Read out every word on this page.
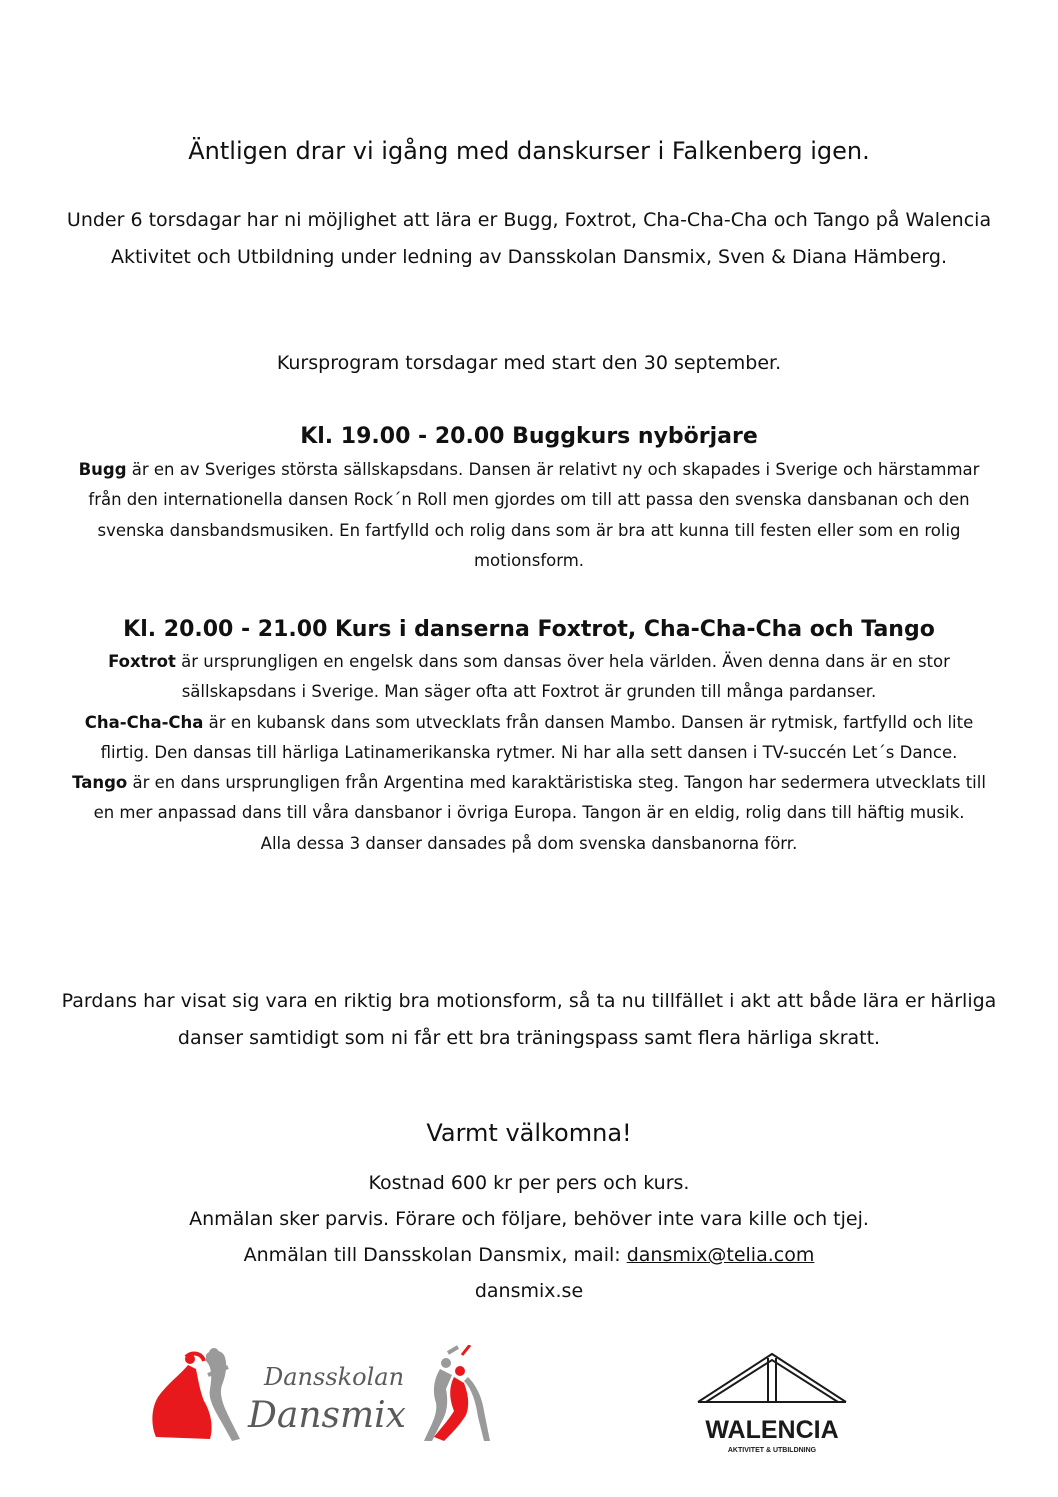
Äntligen drar vi igång med danskurser i Falkenberg igen.
Under 6 torsdagar har ni möjlighet att lära er Bugg, Foxtrot, Cha-Cha-Cha och Tango på Walencia Aktivitet och Utbildning under ledning av Dansskolan Dansmix, Sven & Diana Hämberg.
Kursprogram torsdagar med start den 30 september.
Kl. 19.00 - 20.00 Buggkurs nybörjare

Bugg är en av Sveriges största sällskapsdans. Dansen är relativt ny och skapades i Sverige och härstammar från den internationella dansen Rock´n Roll men gjordes om till att passa den svenska dansbanan och den svenska dansbandsmusiken. En fartfylld och rolig dans som är bra att kunna till festen eller som en rolig motionsform.

Kl. 20.00 - 21.00 Kurs i danserna Foxtrot, Cha-Cha-Cha och Tango

Foxtrot är ursprungligen en engelsk dans som dansas över hela världen. Även denna dans är en stor sällskapsdans i Sverige. Man säger ofta att Foxtrot är grunden till många pardanser.

Cha-Cha-Cha är en kubansk dans som utvecklats från dansen Mambo. Dansen är rytmisk, fartfylld och lite flirtig. Den dansas till härliga Latinamerikanska rytmer. Ni har alla sett dansen i TV-succén Let´s Dance.

Tango är en dans ursprungligen från Argentina med karaktäristiska steg. Tangon har sedermera utvecklats till en mer anpassad dans till våra dansbanor i övriga Europa. Tangon är en eldig, rolig dans till häftig musik.

Alla dessa 3 danser dansades på dom svenska dansbanorna förr.

Pardans har visat sig vara en riktig bra motionsform, så ta nu tillfället i akt att både lära er härliga danser samtidigt som ni får ett bra träningspass samt flera härliga skratt.
Varmt välkomna!

Kostnad 600 kr per pers och kurs.

Anmälan sker parvis. Förare och följare, behöver inte vara kille och tjej.

Anmälan till Dansskolan Dansmix, mail: dansmix@telia.com

dansmix.se

Dansskolan
Dansmix	WALENCIA
AKTIVITET & UTBILDNING
